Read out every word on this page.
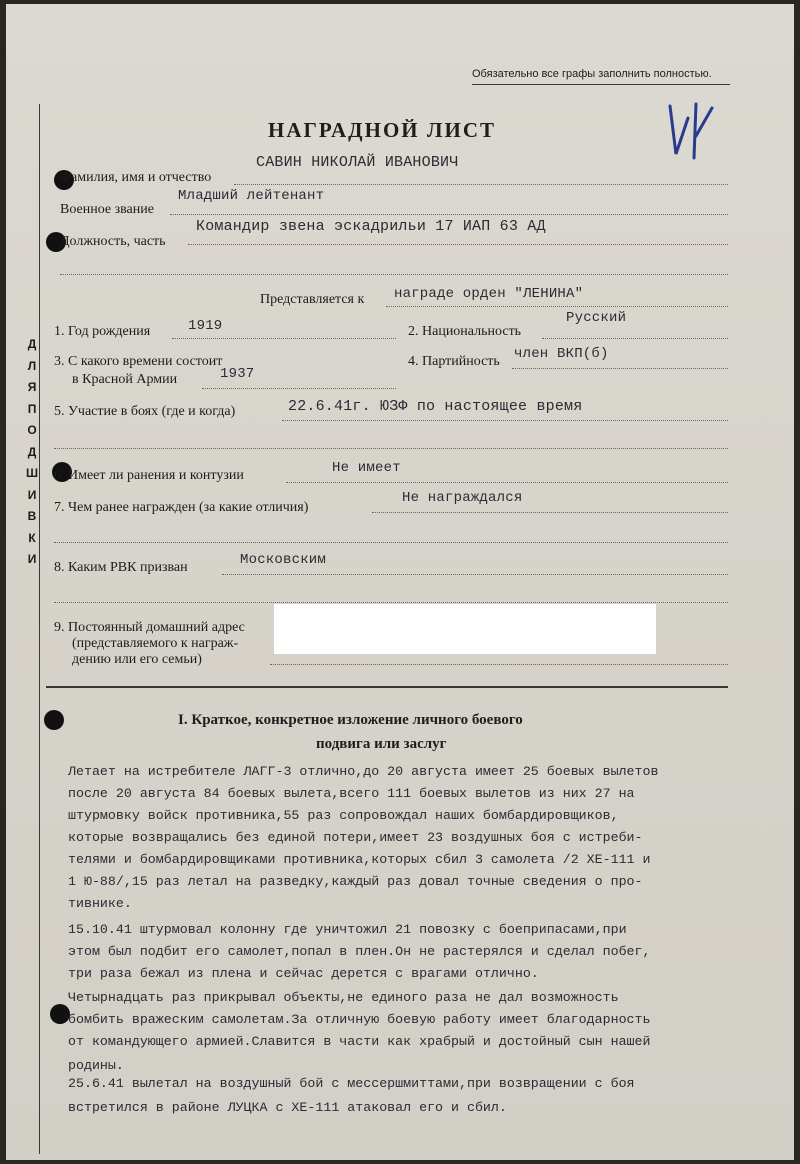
Обязательно все графы заполнить полностью.
НАГРАДНОЙ ЛИСТ
Д
Л
Я
П
О
Д
Ш
И
В
К
И
Фамилия, имя и отчество
САВИН НИКОЛАЙ ИВАНОВИЧ
Военное звание
Младший лейтенант
Должность, часть
Командир звена эскадрильи 17 ИАП 63 АД
Представляется к награде орден "ЛЕНИНА"
1. Год рождения	1919	2. Национальность
Русский
3. С какого времени состоит
в Красной Армии	1937
4. Партийность член ВКП(б)
5. Участие в боях (где и когда)	22.6.41г. ЮЗФ по настоящее время
6. Имеет ли ранения и контузии	Не имеет
7. Чем ранее награжден (за какие отличия)
Не награждался
8. Каким РВК призван	Московским
9. Постоянный домашний адрес
(представляемого к награж-
дению или его семьи)
I. Краткое, конкретное изложение личного боевого
подвига или заслуг
Летает на истребителе ЛАГГ-3 отлично,до 20 августа имеет 25 боевых вылетов
после 20 августа 84 боевых вылета,всего 111 боевых вылетов из них 27 на
штурмовку войск противника,55 раз сопровождал наших бомбардировщиков,
которые возвращались без единой потери,имеет 23 воздушных боя с истреби-
телями и бомбардировщиками противника,которых сбил 3 самолета /2 ХЕ-111 и
1 Ю-88/,15 раз летал на разведку,каждый раз довал точные сведения о про-
тивнике.
15.10.41 штурмовал колонну где уничтожил 21 повозку с боеприпасами,при
этом был подбит его самолет,попал в плен.Он не растерялся и сделал побег,
три раза бежал из плена и сейчас дерется с врагами отлично.
Четырнадцать раз прикрывал объекты,не единого раза не дал возможность
бомбить вражеским самолетам.За отличную боевую работу имеет благодарность
от командующего армией.Славится в части как храбрый и достойный сын нашей
родины.
25.6.41 вылетал на воздушный бой с мессершмиттами,при возвращении с боя
встретился в районе ЛУЦКА с ХЕ-111 атаковал его и сбил.
